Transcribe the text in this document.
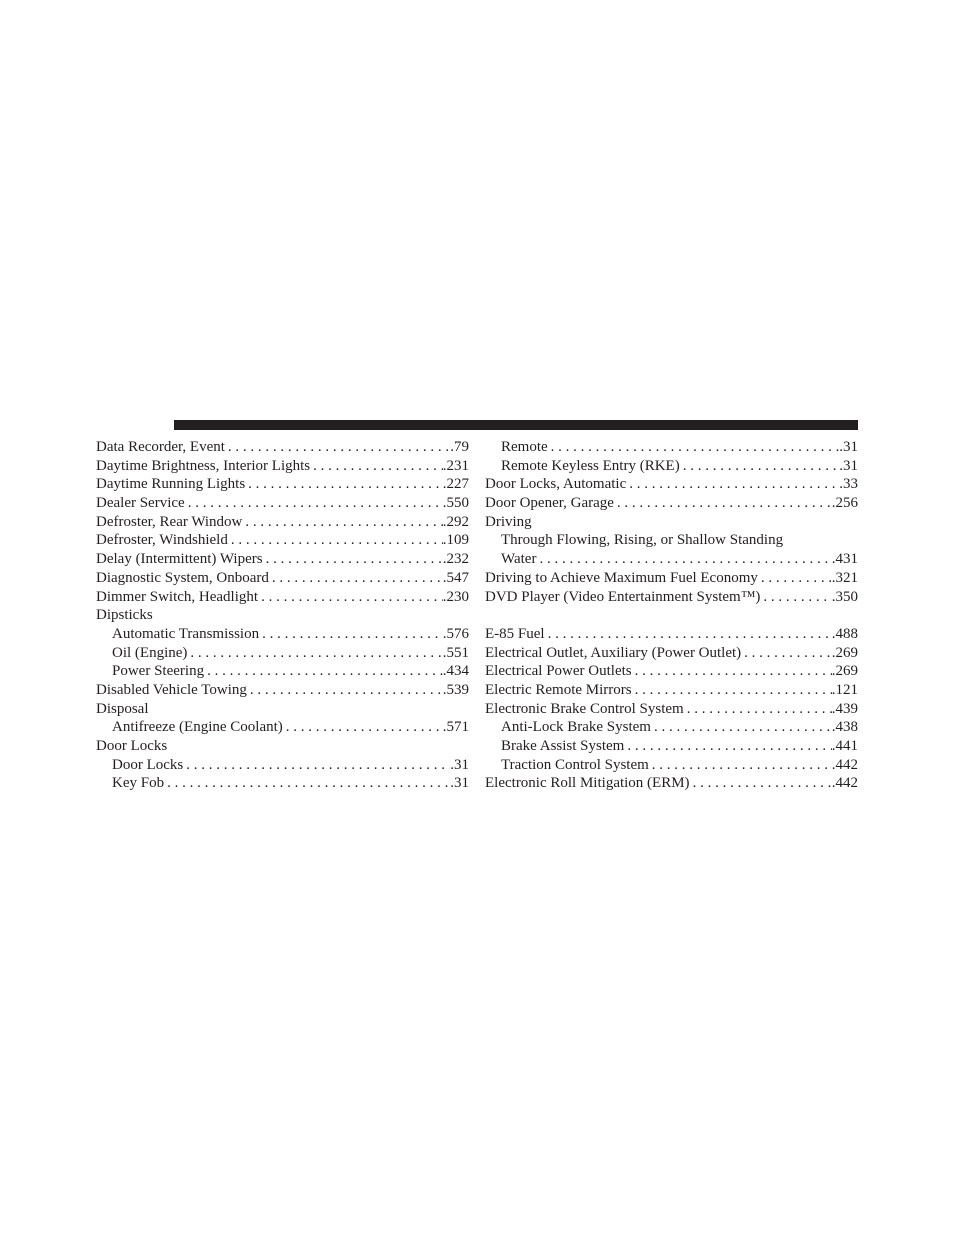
Data Recorder, Event . . .	.79
Daytime Brightness, Interior Lights . . .	.231
Daytime Running Lights . . .	.227
Dealer Service . . .	.550
Defroster, Rear Window . . .	.292
Defroster, Windshield . . .	.109
Delay (Intermittent) Wipers . . .	.232
Diagnostic System, Onboard . . .	.547
Dimmer Switch, Headlight . . .	.230
Dipsticks
Automatic Transmission . . .	.576
Oil (Engine) . . .	.551
Power Steering . . .	.434
Disabled Vehicle Towing . . .	.539
Disposal
Antifreeze (Engine Coolant) . . .	.571
Door Locks
Door Locks . . .	.31
Key Fob . . .	.31
Remote . . .	.31
Remote Keyless Entry (RKE) . . .	.31
Door Locks, Automatic . . .	.33
Door Opener, Garage . . .	.256
Driving
Through Flowing, Rising, or Shallow Standing
Water . . .	.431
Driving to Achieve Maximum Fuel Economy . . .	.321
DVD Player (Video Entertainment System™) . . .	.350
E-85 Fuel . . .	.488
Electrical Outlet, Auxiliary (Power Outlet) . . .	.269
Electrical Power Outlets . . .	.269
Electric Remote Mirrors . . .	.121
Electronic Brake Control System . . .	.439
Anti-Lock Brake System . . .	.438
Brake Assist System . . .	.441
Traction Control System . . .	.442
Electronic Roll Mitigation (ERM) . . .	.442
